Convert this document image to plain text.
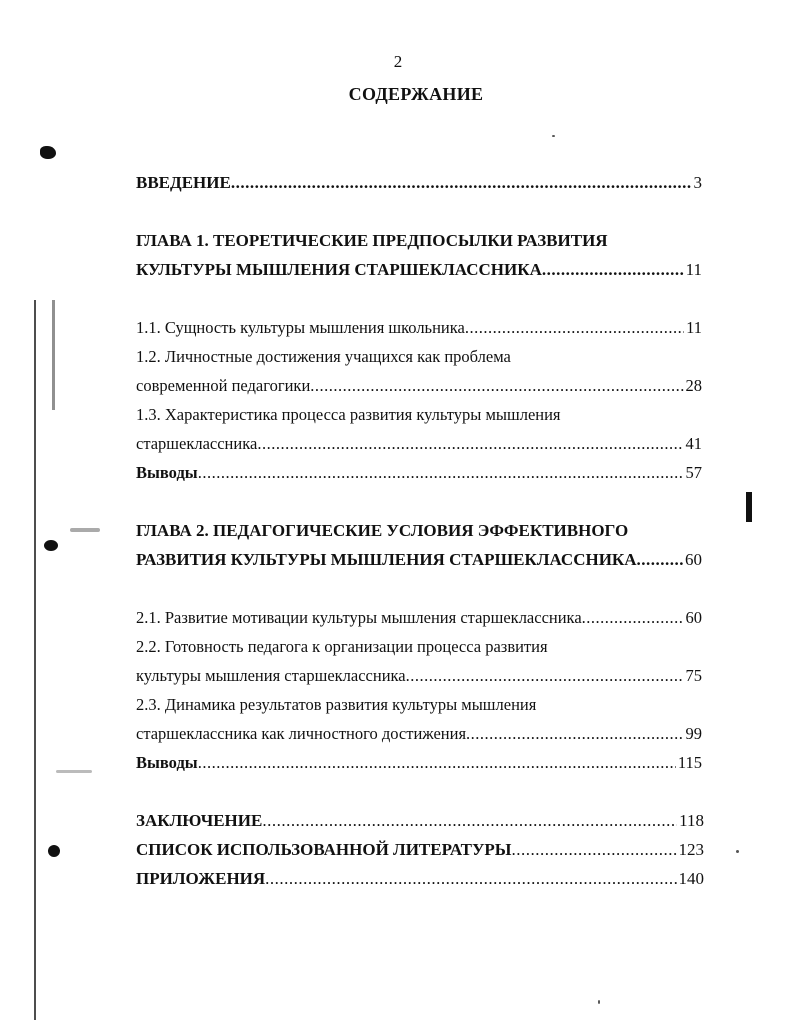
2
СОДЕРЖАНИЕ
ВВЕДЕНИЕ .....	3
ГЛАВА 1. ТЕОРЕТИЧЕСКИЕ ПРЕДПОСЫЛКИ РАЗВИТИЯ
КУЛЬТУРЫ МЫШЛЕНИЯ СТАРШЕКЛАССНИКА .....	11
1.1. Сущность культуры мышления школьника .....	11
1.2. Личностные достижения учащихся как проблема
современной педагогики .....	28
1.3. Характеристика процесса развития культуры мышления
старшеклассника .....	41
Выводы .....	57
ГЛАВА 2. ПЕДАГОГИЧЕСКИЕ УСЛОВИЯ ЭФФЕКТИВНОГО
РАЗВИТИЯ КУЛЬТУРЫ МЫШЛЕНИЯ СТАРШЕКЛАССНИКА .....	60
2.1. Развитие мотивации культуры мышления старшеклассника .....	60
2.2. Готовность педагога к организации процесса развития
культуры мышления старшеклассника .....	75
2.3. Динамика результатов развития культуры мышления
старшеклассника как личностного достижения .....	99
Выводы .....	115
ЗАКЛЮЧЕНИЕ .....	118
СПИСОК ИСПОЛЬЗОВАННОЙ ЛИТЕРАТУРЫ .....	123
ПРИЛОЖЕНИЯ .....	140
